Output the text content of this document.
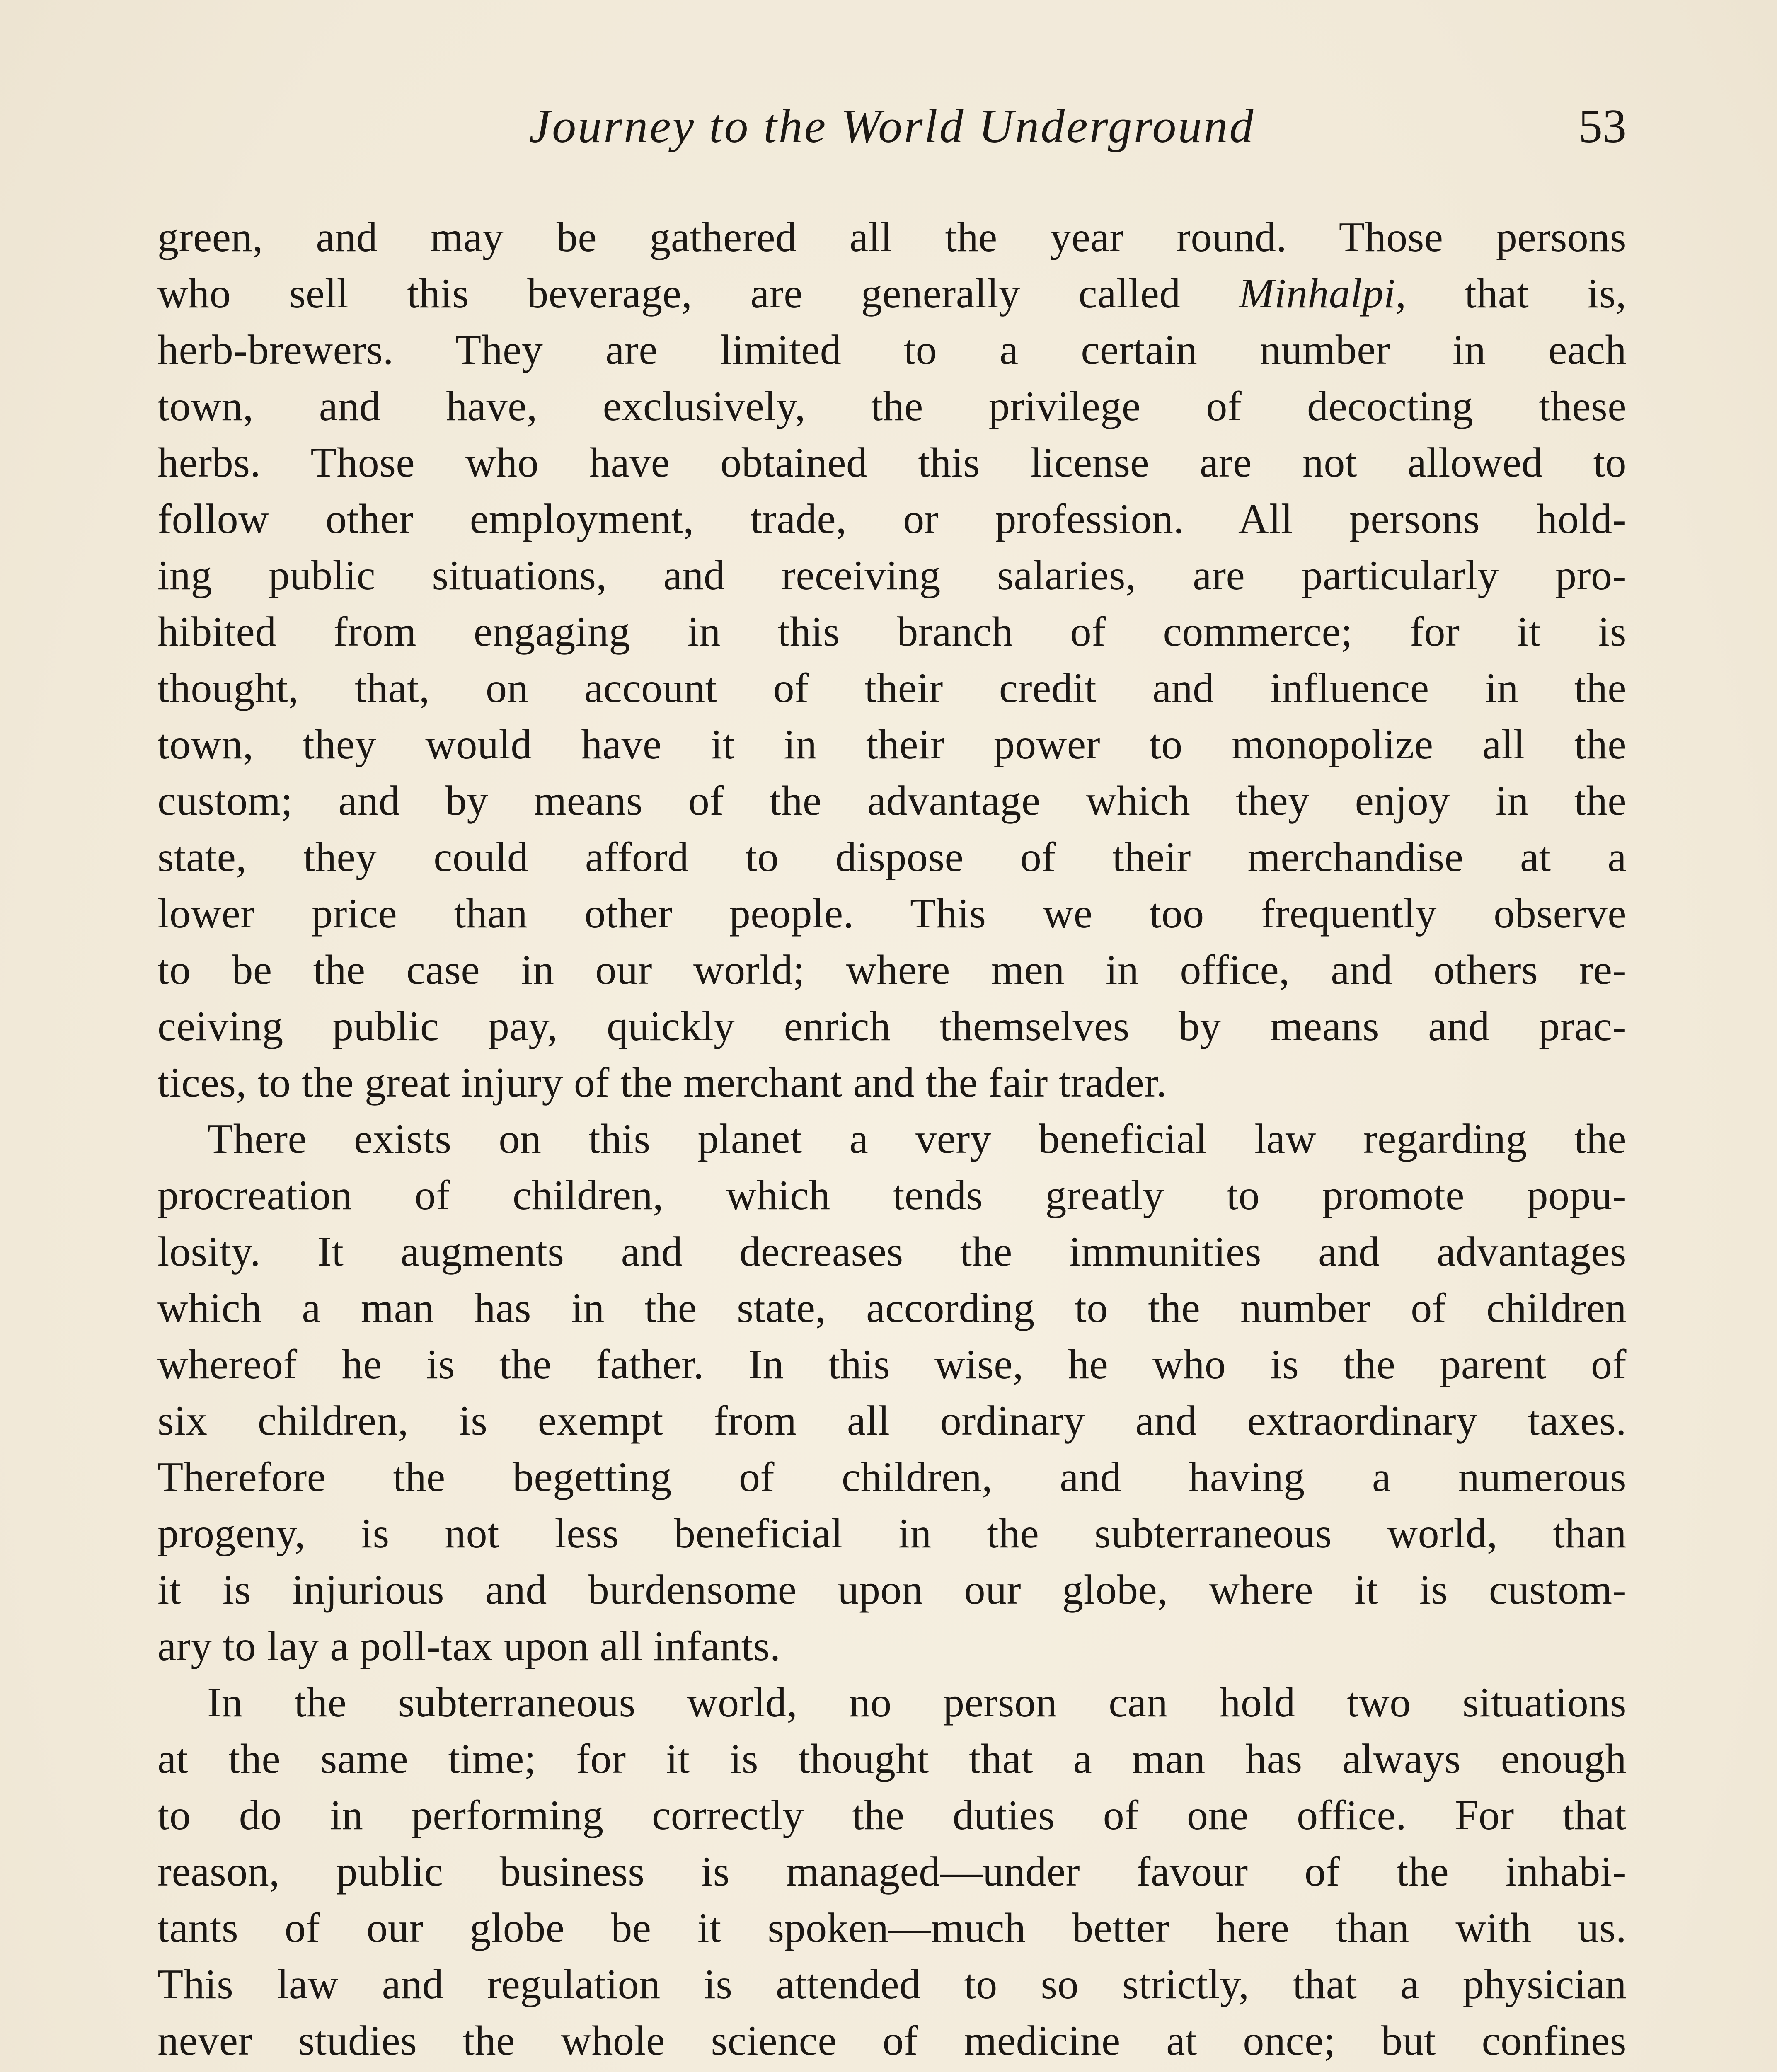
Journey to the World Underground	53
green, and may be gathered all the year round. Those persons
who sell this beverage, are generally called Minhalpi, that is,
herb-brewers. They are limited to a certain number in each
town, and have, exclusively, the privilege of decocting these
herbs. Those who have obtained this license are not allowed to
follow other employment, trade, or profession. All persons hold-
ing public situations, and receiving salaries, are particularly pro-
hibited from engaging in this branch of commerce; for it is
thought, that, on account of their credit and influence in the
town, they would have it in their power to monopolize all the
custom; and by means of the advantage which they enjoy in the
state, they could afford to dispose of their merchandise at a
lower price than other people. This we too frequently observe
to be the case in our world; where men in office, and others re-
ceiving public pay, quickly enrich themselves by means and prac-
tices, to the great injury of the merchant and the fair trader.
There exists on this planet a very beneficial law regarding the
procreation of children, which tends greatly to promote popu-
losity. It augments and decreases the immunities and advantages
which a man has in the state, according to the number of children
whereof he is the father. In this wise, he who is the parent of
six children, is exempt from all ordinary and extraordinary taxes.
Therefore the begetting of children, and having a numerous
progeny, is not less beneficial in the subterraneous world, than
it is injurious and burdensome upon our globe, where it is custom-
ary to lay a poll-tax upon all infants.
In the subterraneous world, no person can hold two situations
at the same time; for it is thought that a man has always enough
to do in performing correctly the duties of one office. For that
reason, public business is managed—under favour of the inhabi-
tants of our globe be it spoken—much better here than with us.
This law and regulation is attended to so strictly, that a physician
never studies the whole science of medicine at once; but confines
